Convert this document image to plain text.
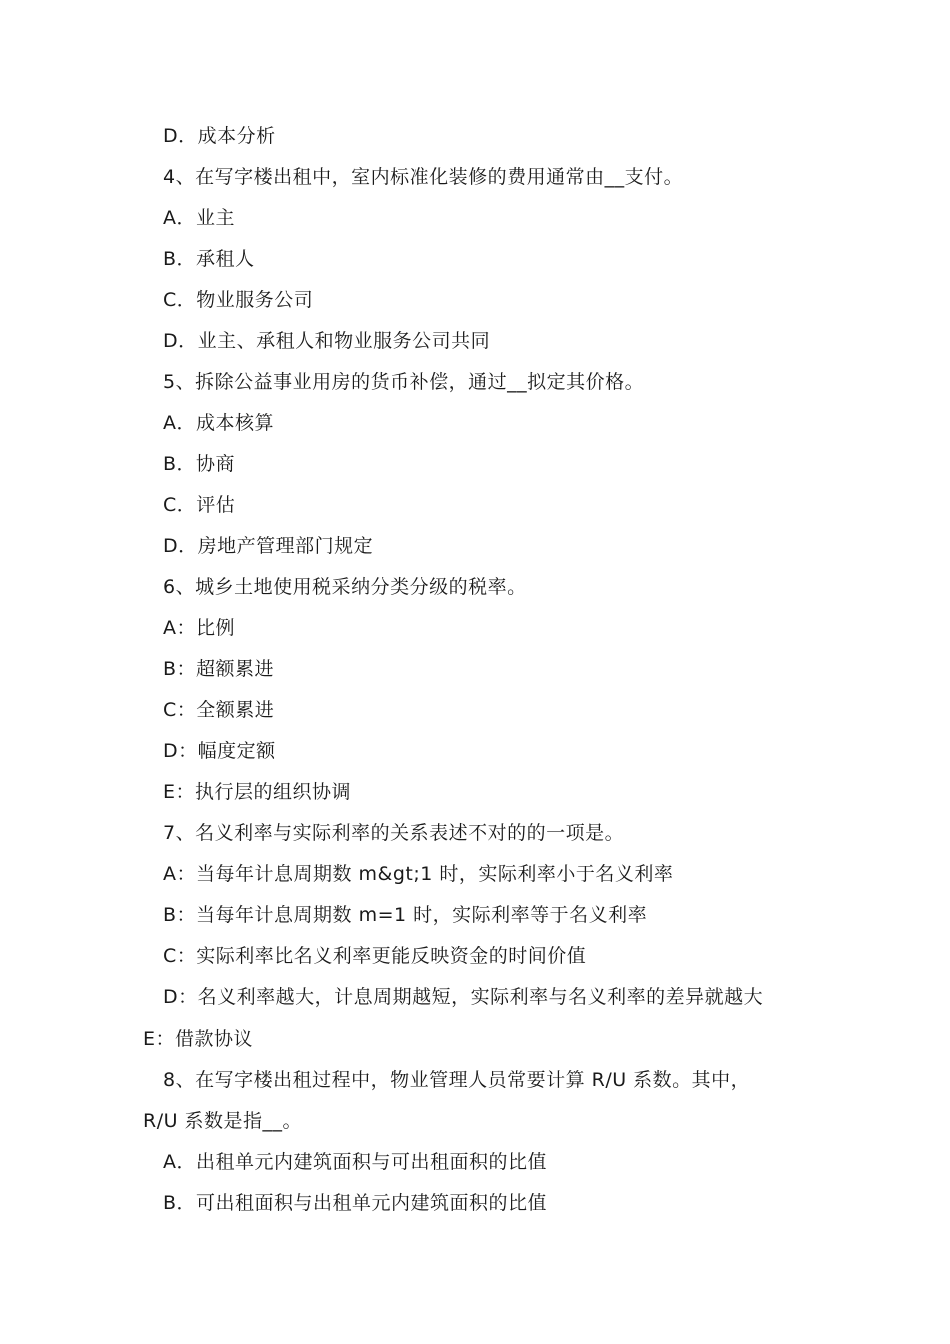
D．成本分析
4、在写字楼出租中，室内标准化装修的费用通常由__支付。
A．业主
B．承租人
C．物业服务公司
D．业主、承租人和物业服务公司共同
5、拆除公益事业用房的货币补偿，通过__拟定其价格。
A．成本核算
B．协商
C．评估
D．房地产管理部门规定
6、城乡土地使用税采纳分类分级的税率。
A：比例
B：超额累进
C：全额累进
D：幅度定额
E：执行层的组织协调
7、名义利率与实际利率的关系表述不对的的一项是。
A：当每年计息周期数 m&gt;1 时，实际利率小于名义利率
B：当每年计息周期数 m=1 时，实际利率等于名义利率
C：实际利率比名义利率更能反映资金的时间价值
D：名义利率越大，计息周期越短，实际利率与名义利率的差异就越大
E：借款协议
8、在写字楼出租过程中，物业管理人员常要计算 R/U 系数。其中，
R/U 系数是指__。
A．出租单元内建筑面积与可出租面积的比值
B．可出租面积与出租单元内建筑面积的比值
